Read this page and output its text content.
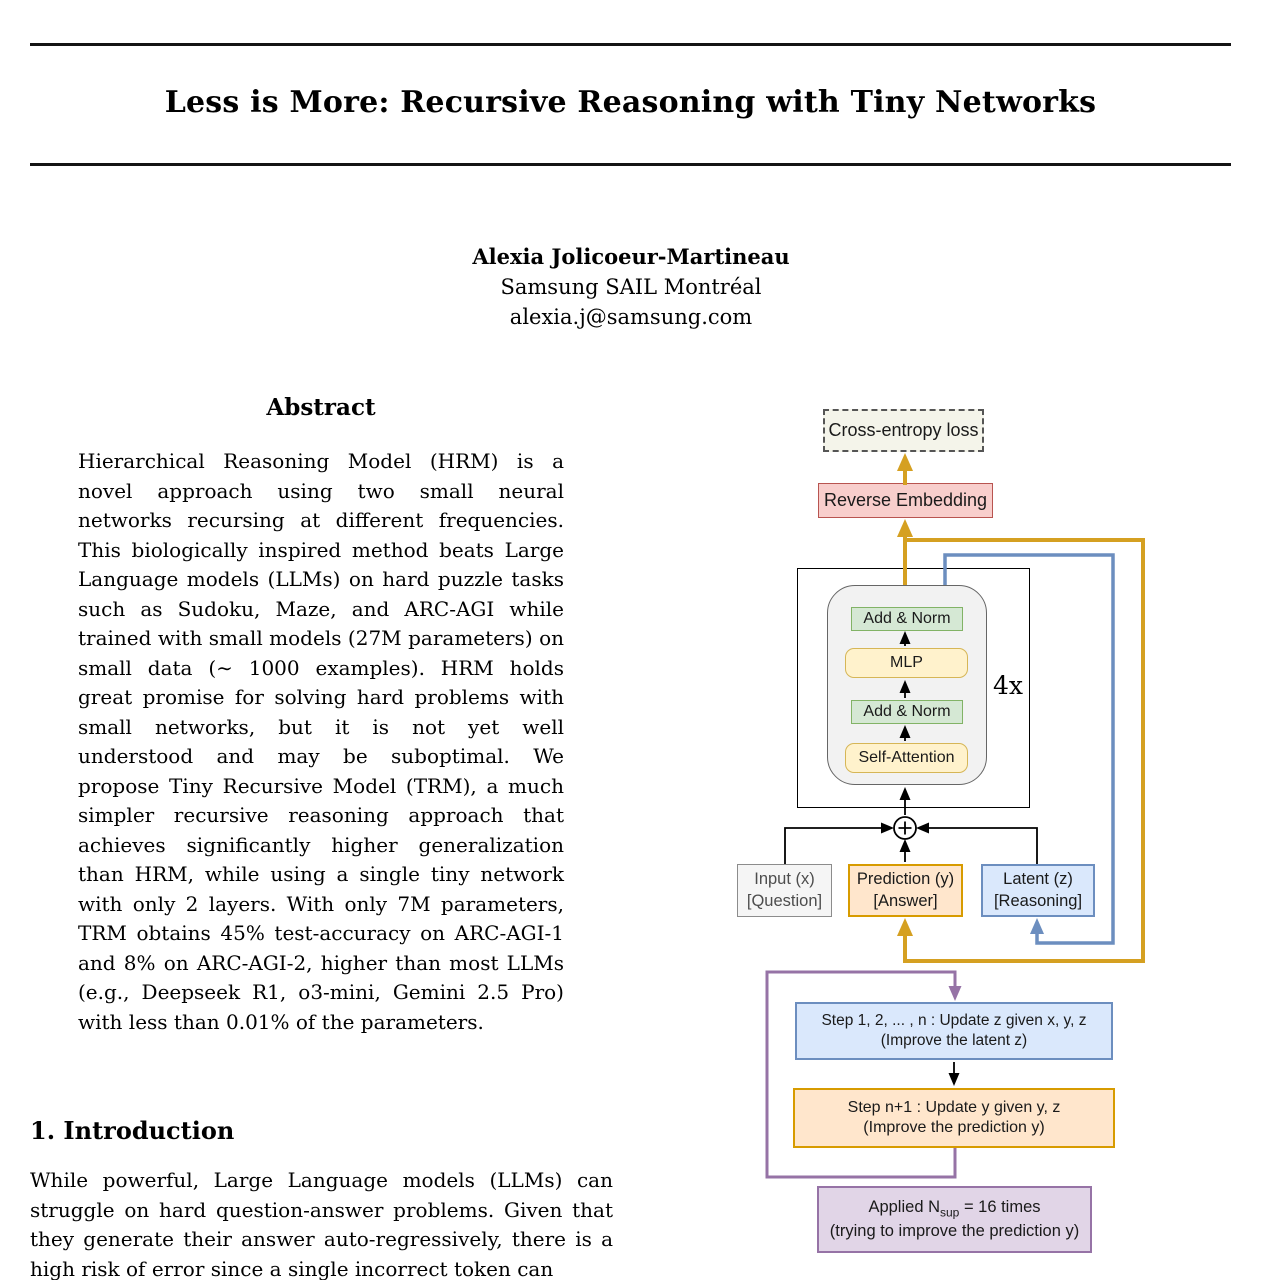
Less is More: Recursive Reasoning with Tiny Networks
Alexia Jolicoeur-Martineau
Samsung SAIL Montréal
alexia.j@samsung.com
Abstract
Hierarchical Reasoning Model (HRM) is a novel approach using two small neural networks recursing at different frequencies. This biologically inspired method beats Large Language models (LLMs) on hard puzzle tasks such as Sudoku, Maze, and ARC-AGI while trained with small models (27M parameters) on small data (∼ 1000 examples). HRM holds great promise for solving hard problems with small networks, but it is not yet well understood and may be suboptimal. We propose Tiny Recursive Model (TRM), a much simpler recursive reasoning approach that achieves significantly higher generalization than HRM, while using a single tiny network with only 2 layers. With only 7M parameters, TRM obtains 45% test-accuracy on ARC-AGI-1 and 8% on ARC-AGI-2, higher than most LLMs (e.g., Deepseek R1, o3-mini, Gemini 2.5 Pro) with less than 0.01% of the parameters.
1. Introduction
While powerful, Large Language models (LLMs) can struggle on hard question-answer problems. Given that they generate their answer auto-regressively, there is a high risk of error since a single incorrect token can
Cross-entropy loss
Reverse Embedding
Add & Norm
MLP
Add & Norm
Self-Attention
4x
Input (x)
[Question]
Prediction (y)
[Answer]
Latent (z)
[Reasoning]
Step 1, 2, ... , n : Update z given x, y, z
(Improve the latent z)
Step n+1 : Update y given y, z
(Improve the prediction y)
Applied $N_{sup} = 16$ times
(trying to improve the prediction y)
